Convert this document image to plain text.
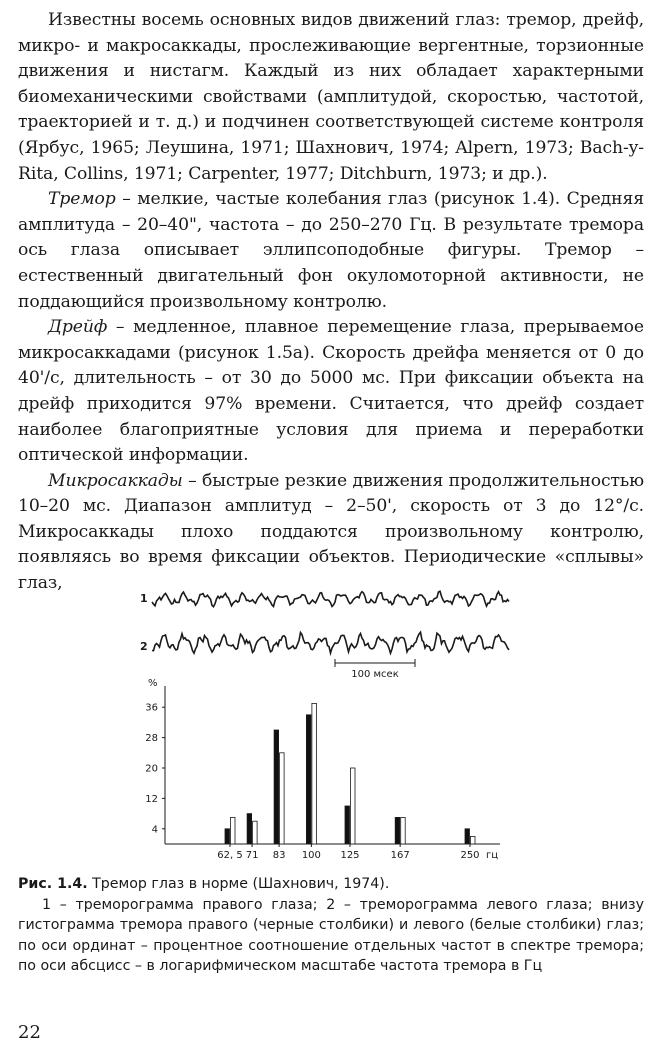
Известны восемь основных видов движений глаз: тремор, дрейф, микро- и макросаккады, прослеживающие вергентные, торзионные движения и нистагм. Каждый из них обладает характерными биомеханическими свойствами (амплитудой, скоростью, частотой, траекторией и т. д.) и подчинен соответствующей системе контроля (Ярбус, 1965; Леушина, 1971; Шахнович, 1974; Alpern, 1973; Bach-y-Rita, Collins, 1971; Carpenter, 1977; Ditchburn, 1973; и др.).

Тремор – мелкие, частые колебания глаз (рисунок 1.4). Средняя амплитуда – 20–40", частота – до 250–270 Гц. В результате тремора ось глаза описывает эллипсоподобные фигуры. Тремор – естественный двигательный фон окуломоторной активности, не поддающийся произвольному контролю.

Дрейф – медленное, плавное перемещение глаза, прерываемое микросаккадами (рисунок 1.5а). Скорость дрейфа меняется от 0 до 40'/с, длительность – от 30 до 5000 мс. При фиксации объекта на дрейф приходится 97% времени. Считается, что дрейф создает наиболее благоприятные условия для приема и переработки оптической информации.

Микросаккады – быстрые резкие движения продолжительностью 10–20 мс. Диапазон амплитуд – 2–50', скорость от 3 до 12°/с. Микросаккады плохо поддаются произвольному контролю, появляясь во время фиксации объектов. Периодические «сплывы» глаз,

1
2
100 мсек
%
4
12
20
28
36
62, 5 71 83 100 125	167	250 гц

Рис. 1.4. Тремор глаз в норме (Шахнович, 1974).

1 – треморограмма правого глаза; 2 – треморограмма левого глаза; внизу гистограмма тремора правого (черные столбики) и левого (белые столбики) глаз; по оси ординат – процентное соотношение отдельных частот в спектре тремора; по оси абсцисс – в логарифмическом масштабе частота тремора в Гц

22
